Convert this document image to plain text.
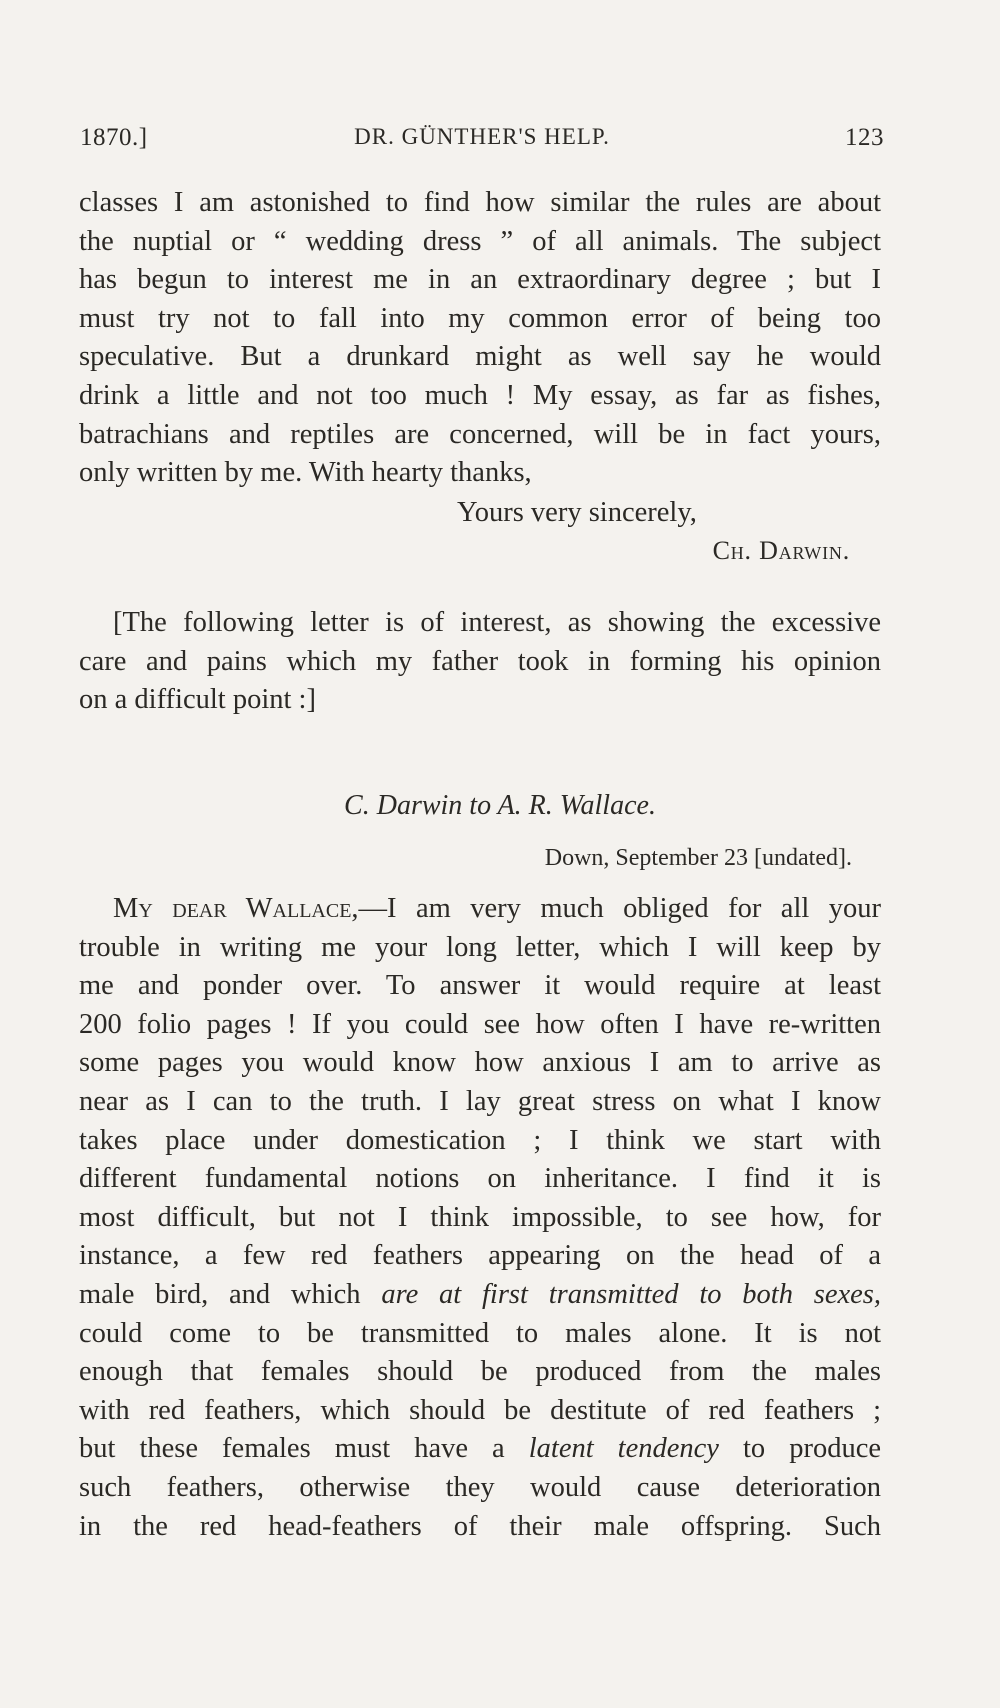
1870.]	DR. GÜNTHER'S HELP.	123
classes I am astonished to find how similar the rules are about
the nuptial or “ wedding dress ” of all animals. The subject
has begun to interest me in an extraordinary degree ; but I
must try not to fall into my common error of being too
speculative. But a drunkard might as well say he would
drink a little and not too much ! My essay, as far as fishes,
batrachians and reptiles are concerned, will be in fact yours,
only written by me. With hearty thanks,
Yours very sincerely,
Ch. Darwin.
[The following letter is of interest, as showing the excessive
care and pains which my father took in forming his opinion
on a difficult point :]
C. Darwin to A. R. Wallace.
Down, September 23 [undated].
My dear Wallace,—I am very much obliged for all your
trouble in writing me your long letter, which I will keep by
me and ponder over. To answer it would require at least
200 folio pages ! If you could see how often I have re-written
some pages you would know how anxious I am to arrive as
near as I can to the truth. I lay great stress on what I know
takes place under domestication ; I think we start with
different fundamental notions on inheritance. I find it is
most difficult, but not I think impossible, to see how, for
instance, a few red feathers appearing on the head of a
male bird, and which are at first transmitted to both sexes,
could come to be transmitted to males alone. It is not
enough that females should be produced from the males
with red feathers, which should be destitute of red feathers ;
but these females must have a latent tendency to produce
such feathers, otherwise they would cause deterioration
in the red head-feathers of their male offspring. Such
